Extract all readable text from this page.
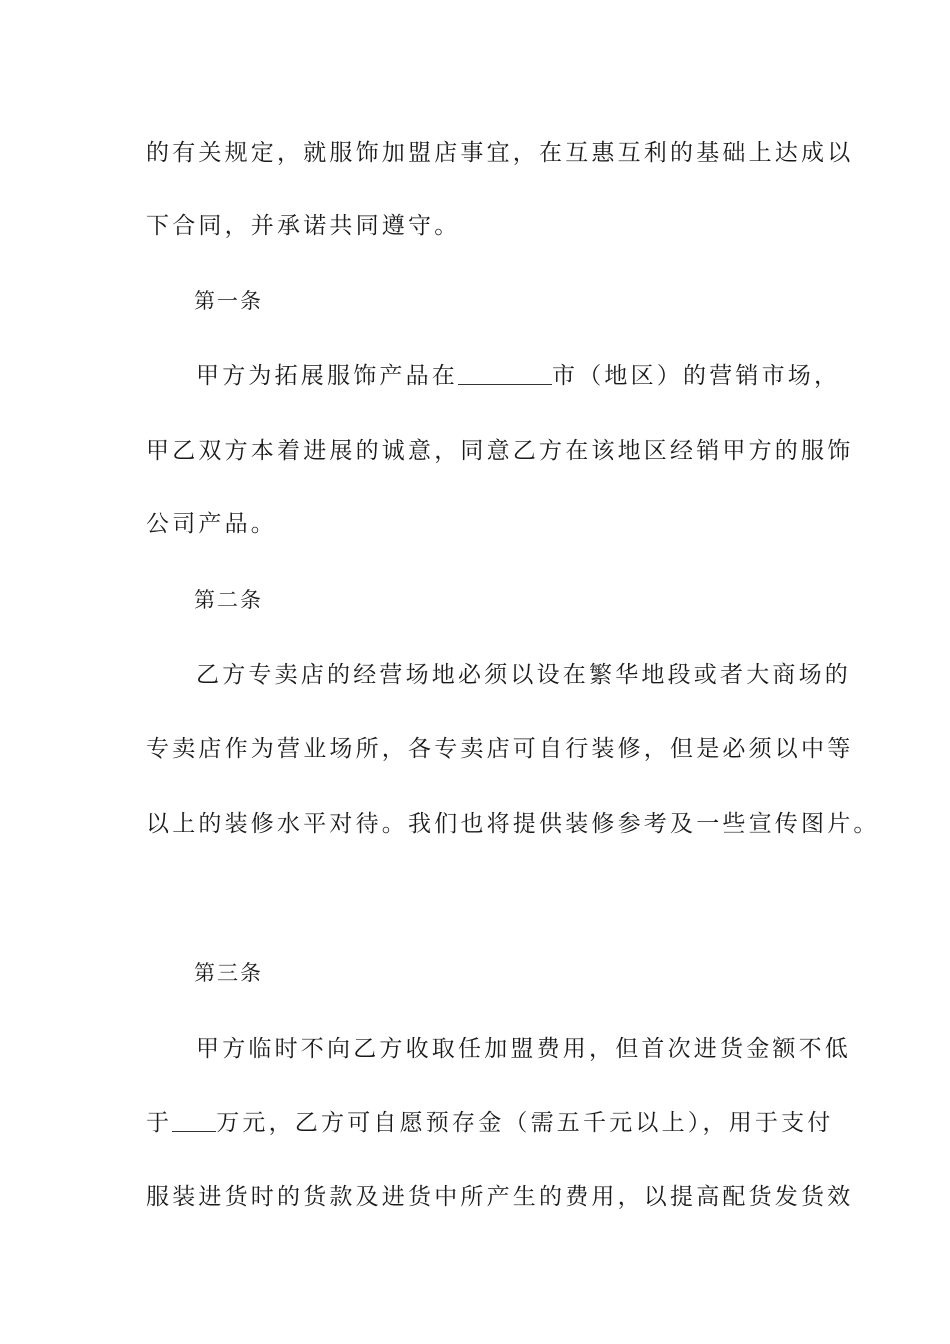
的有关规定，就服饰加盟店事宜，在互惠互利的基础上达成以
下合同，并承诺共同遵守。
第一条
甲方为拓展服饰产品在	市（地区）的营销市场，
甲乙双方本着进展的诚意，同意乙方在该地区经销甲方的服饰
公司产品。
第二条
乙方专卖店的经营场地必须以设在繁华地段或者大商场的
专卖店作为营业场所，各专卖店可自行装修，但是必须以中等
以上的装修水平对待。我们也将提供装修参考及一些宣传图片。
第三条
甲方临时不向乙方收取任加盟费用，但首次进货金额不低
于 万元，乙方可自愿预存金（需五千元以上），用于支付
服装进货时的货款及进货中所产生的费用，以提高配货发货效
